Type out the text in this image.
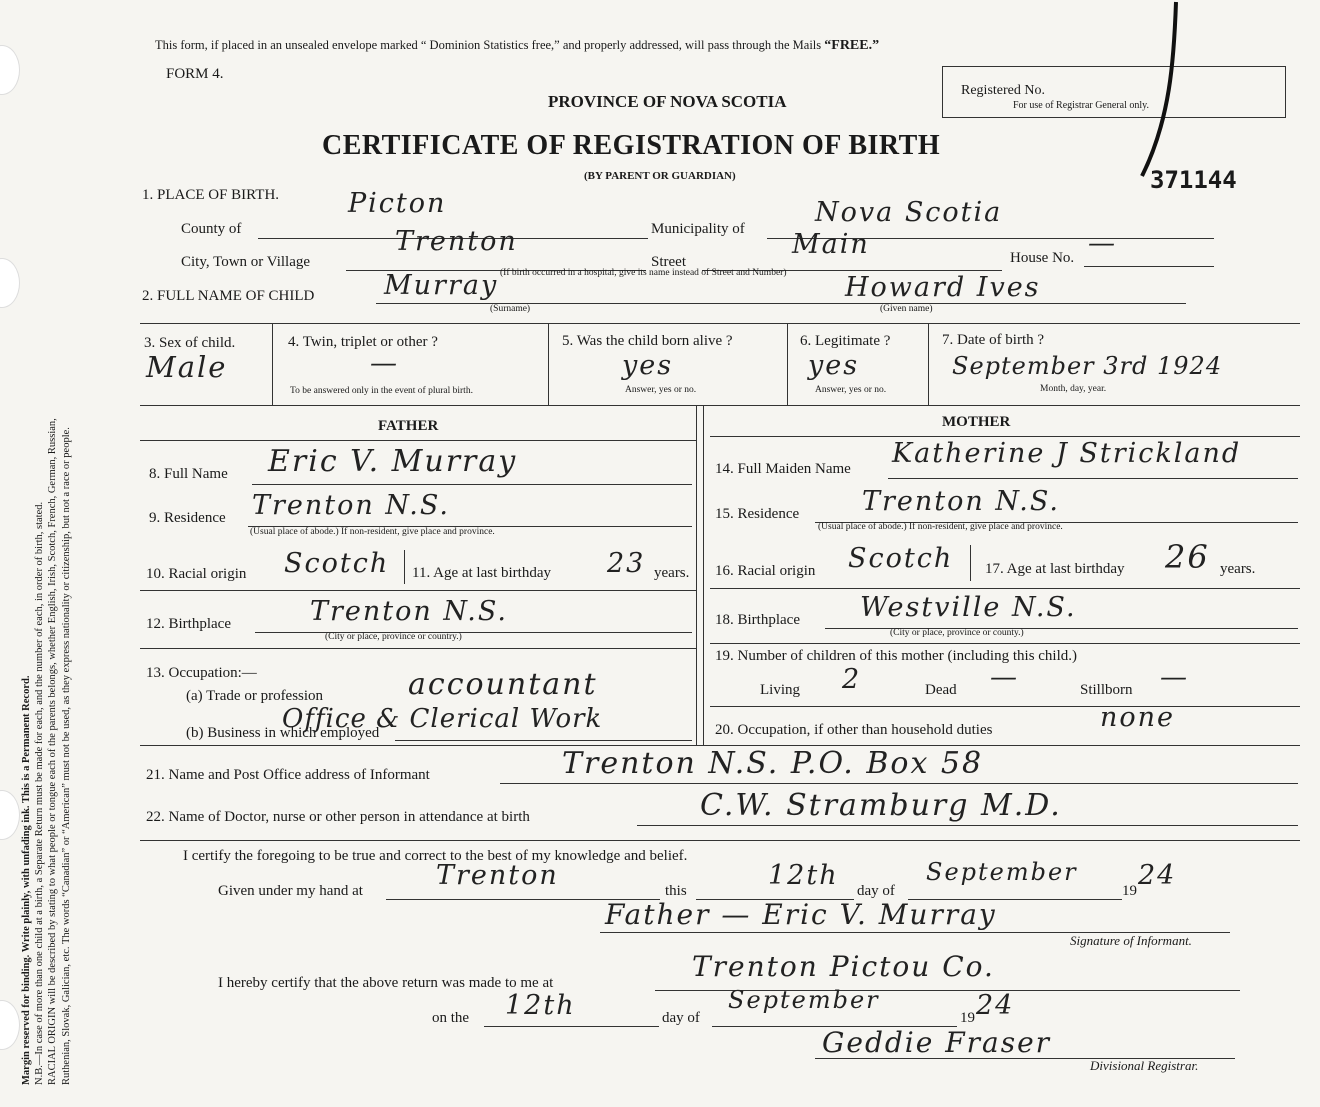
Margin reserved for binding. Write plainly, with unfading ink. This is a Permanent Record. N.B.—In case of more than one child at a birth, a Separate Return must be made for each, and the number of each, in order of birth, stated. RACIAL ORIGIN will be described by stating to what people or tongue each of the parents belongs, whether English, Irish, Scotch, French, German, Russian, Ruthenian, Slovak, Galician, etc. The words “Canadian” or “American” must not be used, as they express nationality or citizenship, but not a race or people.
This form, if placed in an unsealed envelope marked “ Dominion Statistics free,” and properly addressed, will pass through the Mails “FREE.”
FORM 4.
PROVINCE OF NOVA SCOTIA
CERTIFICATE OF REGISTRATION OF BIRTH
(BY PARENT OR GUARDIAN)
Registered No.
For use of Registrar General only.
371144
1. PLACE OF BIRTH.
County of
Picton
Municipality of
Nova Scotia
City, Town or Village
Trenton
Street
Main	House No. —
(If birth occurred in a hospital, give its name instead of Street and Number)
2. FULL NAME OF CHILD	Murray	Howard Ives
(Surname)	(Given name)
3. Sex of child.
Male
4. Twin, triplet or other ?
—
To be answered only in the event of plural birth.
5. Was the child born alive ?
yes
Answer, yes or no.
6. Legitimate ?
yes
Answer, yes or no.
7. Date of birth ?
September 3rd 1924
Month, day, year.
FATHER	MOTHER
8. Full Name Eric V. Murray
9. Residence Trenton N.S.
(Usual place of abode.) If non-resident, give place and province.
10. Racial origin Scotch 11. Age at last birthday 23 years.
12. Birthplace	Trenton N.S.
(City or place, province or country.)
13. Occupation:—
(a) Trade or profession	accountant
(b) Business in which employed
Office & Clerical Work
14. Full Maiden Name Katherine J Strickland
15. Residence Trenton N.S.
(Usual place of abode.) If non-resident, give place and province.
16. Racial origin Scotch 17. Age at last birthday 26 years.
18. Birthplace Westville N.S.
(City or place, province or county.)
19. Number of children of this mother (including this child.)
Living 2	Dead —	Stillborn —
20. Occupation, if other than household duties	none
21. Name and Post Office address of Informant	Trenton N.S. P.O. Box 58
22. Name of Doctor, nurse or other person in attendance at birth	C.W. Stramburg M.D.
I certify the foregoing to be true and correct to the best of my knowledge and belief.
Given under my hand at	Trenton	this	12th day of
September
19 24
Father — Eric V. Murray
Signature of Informant.
I hereby certify that the above return was made to me at	Trenton Pictou Co.
on the 12th	day of
September
19 24
Geddie Fraser
Divisional Registrar.
